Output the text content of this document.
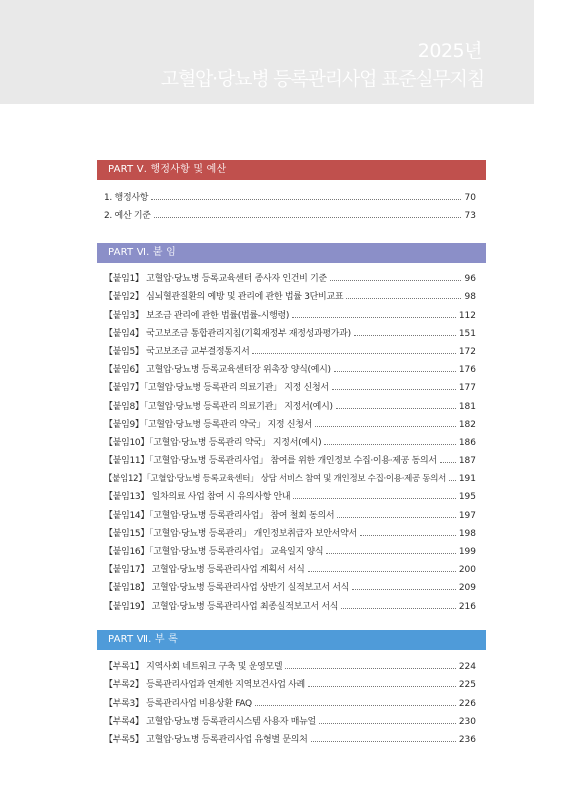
2025년
고혈압·당뇨병 등록관리사업 표준실무지침
PART Ⅴ. 행정사항 및 예산
1. 행정사항	70
2. 예산 기준	73
PART Ⅵ. 붙 임
【붙임1】 고혈압·당뇨병 등록교육센터 종사자 인건비 기준	96
【붙임2】 심뇌혈관질환의 예방 및 관리에 관한 법률 3단비교표	98
【붙임3】 보조금 관리에 관한 법률(법률-시행령)	112
【붙임4】 국고보조금 통합관리지침(기획재정부 재정성과평가과)	151
【붙임5】 국고보조금 교부결정통지서	172
【붙임6】 고혈압·당뇨병 등록교육센터장 위촉장 양식(예시)	176
【붙임7】「고혈압·당뇨병 등록관리 의료기관」 지정 신청서	177
【붙임8】「고혈압·당뇨병 등록관리 의료기관」 지정서(예시)	181
【붙임9】「고혈압·당뇨병 등록관리 약국」 지정 신청서	182
【붙임10】「고혈압·당뇨병 등록관리 약국」 지정서(예시)	186
【붙임11】「고혈압·당뇨병 등록관리사업」 참여를 위한 개인정보 수집·이용·제공 동의서 187
【붙임12】「고혈압·당뇨병 등록교육센터」 상담 서비스 참여 및 개인정보 수집·이용·제공 동의서 191
【붙임13】 일차의료 사업 참여 시 유의사항 안내	195
【붙임14】「고혈압·당뇨병 등록관리사업」 참여 철회 동의서	197
【붙임15】「고혈압·당뇨병 등록관리」 개인정보취급자 보안서약서	198
【붙임16】「고혈압·당뇨병 등록관리사업」 교육일지 양식	199
【붙임17】 고혈압·당뇨병 등록관리사업 계획서 서식	200
【붙임18】 고혈압·당뇨병 등록관리사업 상반기 실적보고서 서식	209
【붙임19】 고혈압·당뇨병 등록관리사업 최종실적보고서 서식	216
PART Ⅶ. 부 록
【부록1】 지역사회 네트워크 구축 및 운영모델	224
【부록2】 등록관리사업과 연계한 지역보건사업 사례	225
【부록3】 등록관리사업 비용상환 FAQ	226
【부록4】 고혈압·당뇨병 등록관리시스템 사용자 매뉴얼	230
【부록5】 고혈압·당뇨병 등록관리사업 유형별 문의처	236
